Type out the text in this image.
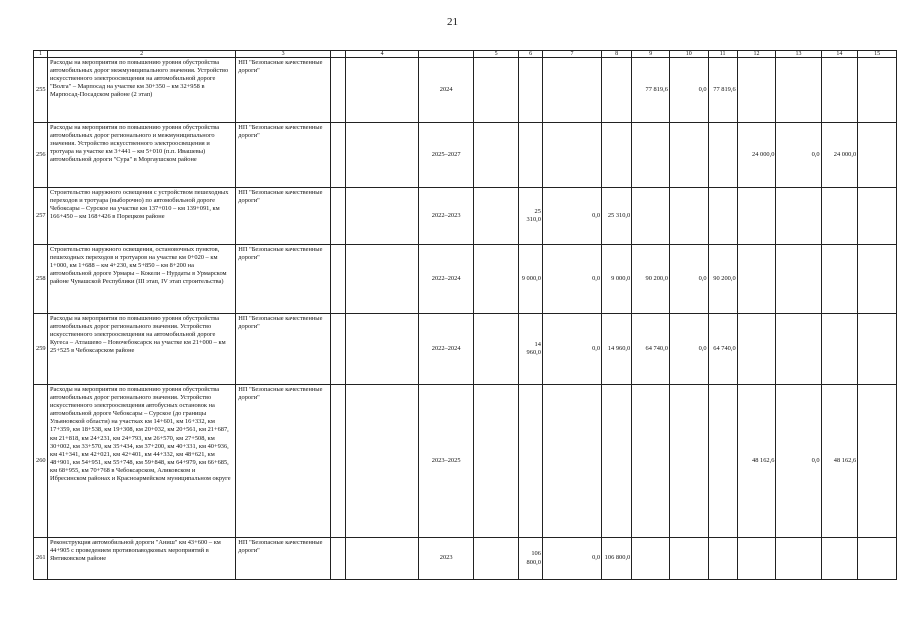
21
1	2	3		4		5	6	7	8	9	10	11	12	13	14	15
255	Расходы на мероприятия по повышению уровня обустройства автомобильных дорог межмуниципального значения. Устройство искусственного электроосвещения на автомобильной дороге "Волга" – Марпосад на участке км 30+350 – км 32+958 в Марпосад-Посадском районе (2 этап)	НП "Безопасные качественные дороги"			2024					77 819,6	0,0	77 819,6				
256	Расходы на мероприятия по повышению уровня обустройства автомобильных дорог регионального и межмуниципального значения. Устройство искусственного электроосвещения и тротуара на участке км 3+441 – км 5+010 (п.п. Ивашевы) автомобильной дороги "Сура" в Моргаушском районе	НП "Безопасные качественные дороги"			2025–2027								24 000,0	0,0	24 000,0	
257	Строительство наружного освещения с устройством пешеходных переходов и тротуара (выборочно) по автомобильной дороге Чебоксары – Сурское на участке км 137+010 – км 139+091, км 166+450 – км 168+426 в Порецком районе	НП "Безопасные качественные дороги"			2022–2023		25 310,0	0,0	25 310,0							
258	Строительство наружного освещения, остановочных пунктов, пешеходных переходов и тротуаров на участке км 0+020 – км 1+000, км 1+688 – км 4+230, км 5+850 – км 8+200 на автомобильной дороге Урмары – Кокели – Нурдаты в Урмарском районе Чувашской Республики (III этап, IV этап строительства)	НП "Безопасные качественные дороги"			2022–2024		9 000,0	0,0	9 000,0	90 200,0	0,0	90 200,0				
259	Расходы на мероприятия по повышению уровня обустройства автомобильных дорог регионального значения. Устройство искусственного электроосвещения на автомобильной дороге Кугеса – Атлашево – Новочебоксарск на участке км 21+000 – км 25+525 в Чебоксарском районе	НП "Безопасные качественные дороги"			2022–2024		14 960,0	0,0	14 960,0	64 740,0	0,0	64 740,0				
260	Расходы на мероприятия по повышению уровня обустройства автомобильных дорог регионального значения. Устройство искусственного электроосвещения автобусных остановок на автомобильной дороге Чебоксары – Сурское (до границы Ульяновской области) на участках км 14+601, км 16+332, км 17+359, км 18+538, км 19+308, км 20+032, км 20+561, км 21+687, км 21+818, км 24+231, км 24+793, км 26+570, км 27+508, км 30+002, км 33+570, км 35+434, км 37+200, км 40+331, км 40+936, км 41+341, км 42+021, км 42+401, км 44+332, км 48+621, км 48+901, км 54+951, км 55+748, км 59+848, км 64+979, км 66+685, км 68+955, км 70+768 в Чебоксарском, Аликовском и Ибресинском районах и Красноармейском муниципальном округе	НП "Безопасные качественные дороги"			2023–2025								48 162,6	0,0	48 162,6	
261	Реконструкция автомобильной дороги "Аниш" км 43+600 – км 44+905 с проведением противопаводковых мероприятий в Янтиковском районе	НП "Безопасные качественные дороги"			2023		106 800,0	0,0	106 800,0							
